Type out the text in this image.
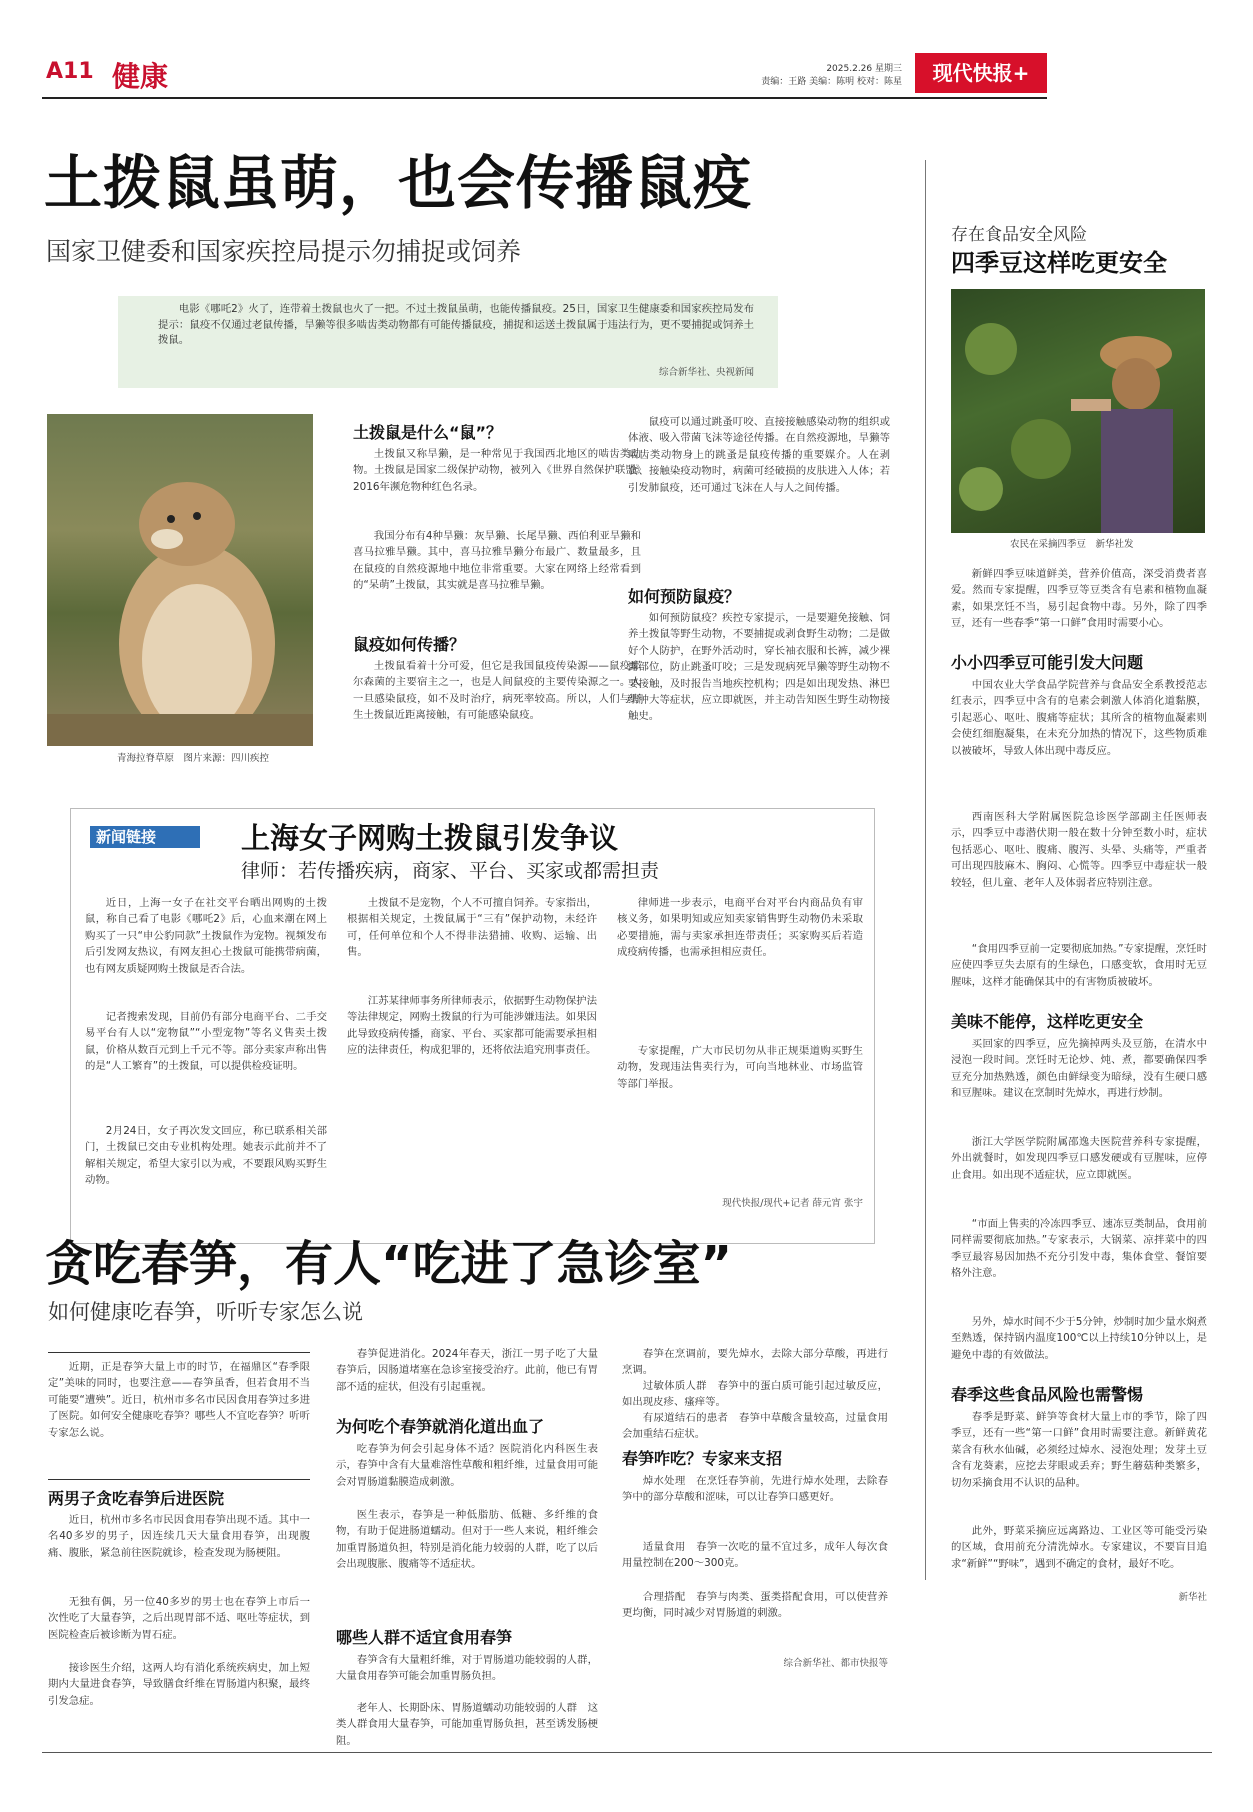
A11 健康	2025.2.26 星期三
责编：王路 美编：陈明 校对：陈星	现代快报+
土拨鼠虽萌，也会传播鼠疫
国家卫健委和国家疾控局提示勿捕捉或饲养

电影《哪吒2》火了，连带着土拨鼠也火了一把。不过土拨鼠虽萌，也能传播鼠疫。25日，国家卫生健康委和国家疾控局发布提示：鼠疫不仅通过老鼠传播，旱獭等很多啮齿类动物都有可能传播鼠疫，捕捉和运送土拨鼠属于违法行为，更不要捕捉或饲养土拨鼠。

综合新华社、央视新闻
青海拉脊草原　图片来源：四川疾控
土拨鼠是什么“鼠”？

土拨鼠又称旱獭，是一种常见于我国西北地区的啮齿类动物。土拨鼠是国家二级保护动物，被列入《世界自然保护联盟》2016年濒危物种红色名录。

我国分布有4种旱獭：灰旱獭、长尾旱獭、西伯利亚旱獭和喜马拉雅旱獭。其中，喜马拉雅旱獭分布最广、数量最多，且在鼠疫的自然疫源地中地位非常重要。大家在网络上经常看到的“呆萌”土拨鼠，其实就是喜马拉雅旱獭。

鼠疫如何传播？

土拨鼠看着十分可爱，但它是我国鼠疫传染源——鼠疫耶尔森菌的主要宿主之一，也是人间鼠疫的主要传染源之一。人一旦感染鼠疫，如不及时治疗，病死率较高。所以，人们与野生土拨鼠近距离接触，有可能感染鼠疫。

鼠疫可以通过跳蚤叮咬、直接接触感染动物的组织或体液、吸入带菌飞沫等途径传播。在自然疫源地，旱獭等啮齿类动物身上的跳蚤是鼠疫传播的重要媒介。人在剥食、接触染疫动物时，病菌可经破损的皮肤进入人体；若引发肺鼠疫，还可通过飞沫在人与人之间传播。

如何预防鼠疫？

如何预防鼠疫？疾控专家提示，一是要避免接触、饲养土拨鼠等野生动物，不要捕捉或剥食野生动物；二是做好个人防护，在野外活动时，穿长袖衣服和长裤，减少裸露部位，防止跳蚤叮咬；三是发现病死旱獭等野生动物不要接触，及时报告当地疾控机构；四是如出现发热、淋巴结肿大等症状，应立即就医，并主动告知医生野生动物接触史。

新闻链接	上海女子网购土拨鼠引发争议
律师：若传播疾病，商家、平台、买家或都需担责

近日，上海一女子在社交平台晒出网购的土拨鼠，称自己看了电影《哪吒2》后，心血来潮在网上购买了一只“申公豹同款”土拨鼠作为宠物。视频发布后引发网友热议，有网友担心土拨鼠可能携带病菌，也有网友质疑网购土拨鼠是否合法。

记者搜索发现，目前仍有部分电商平台、二手交易平台有人以“宠物鼠”“小型宠物”等名义售卖土拨鼠，价格从数百元到上千元不等。部分卖家声称出售的是“人工繁育”的土拨鼠，可以提供检疫证明。

2月24日，女子再次发文回应，称已联系相关部门，土拨鼠已交由专业机构处理。她表示此前并不了解相关规定，希望大家引以为戒，不要跟风购买野生动物。

土拨鼠不是宠物，个人不可擅自饲养。专家指出，根据相关规定，土拨鼠属于“三有”保护动物，未经许可，任何单位和个人不得非法猎捕、收购、运输、出售。

江苏某律师事务所律师表示，依据野生动物保护法等法律规定，网购土拨鼠的行为可能涉嫌违法。如果因此导致疫病传播，商家、平台、买家都可能需要承担相应的法律责任，构成犯罪的，还将依法追究刑事责任。

律师进一步表示，电商平台对平台内商品负有审核义务，如果明知或应知卖家销售野生动物仍未采取必要措施，需与卖家承担连带责任；买家购买后若造成疫病传播，也需承担相应责任。

专家提醒，广大市民切勿从非正规渠道购买野生动物，发现违法售卖行为，可向当地林业、市场监管等部门举报。

现代快报/现代+记者 薛元宵 张宇
贪吃春笋，有人“吃进了急诊室”
如何健康吃春笋，听听专家怎么说

近期，正是春笋大量上市的时节，在福鼎区“春季限定”美味的同时，也要注意——春笋虽香，但若食用不当可能要“遭殃”。近日，杭州市多名市民因食用春笋过多进了医院。如何安全健康吃春笋？哪些人不宜吃春笋？听听专家怎么说。

两男子贪吃春笋后进医院

近日，杭州市多名市民因食用春笋出现不适。其中一名40多岁的男子，因连续几天大量食用春笋，出现腹痛、腹胀，紧急前往医院就诊，检查发现为肠梗阻。

无独有偶，另一位40多岁的男士也在春笋上市后一次性吃了大量春笋，之后出现胃部不适、呕吐等症状，到医院检查后被诊断为胃石症。

接诊医生介绍，这两人均有消化系统疾病史，加上短期内大量进食春笋，导致膳食纤维在胃肠道内积聚，最终引发急症。

春笋促进消化。2024年春天，浙江一男子吃了大量春笋后，因肠道堵塞在急诊室接受治疗。此前，他已有胃部不适的症状，但没有引起重视。

为何吃个春笋就消化道出血了

吃春笋为何会引起身体不适？医院消化内科医生表示，春笋中含有大量难溶性草酸和粗纤维，过量食用可能会对胃肠道黏膜造成刺激。

医生表示，春笋是一种低脂肪、低糖、多纤维的食物，有助于促进肠道蠕动。但对于一些人来说，粗纤维会加重胃肠道负担，特别是消化能力较弱的人群，吃了以后会出现腹胀、腹痛等不适症状。

哪些人群不适宜食用春笋

春笋含有大量粗纤维，对于胃肠道功能较弱的人群，大量食用春笋可能会加重胃肠负担。

老年人、长期卧床、胃肠道蠕动功能较弱的人群　这类人群食用大量春笋，可能加重胃肠负担，甚至诱发肠梗阻。

春笋在烹调前，要先焯水，去除大部分草酸，再进行烹调。

过敏体质人群　春笋中的蛋白质可能引起过敏反应，如出现皮疹、瘙痒等。

有尿道结石的患者　春笋中草酸含量较高，过量食用会加重结石症状。

春笋咋吃？专家来支招

焯水处理　在烹饪春笋前，先进行焯水处理，去除春笋中的部分草酸和涩味，可以让春笋口感更好。

适量食用　春笋一次吃的量不宜过多，成年人每次食用量控制在200～300克。

合理搭配　春笋与肉类、蛋类搭配食用，可以使营养更均衡，同时减少对胃肠道的刺激。

综合新华社、都市快报等
存在食品安全风险
四季豆这样吃更安全
农民在采摘四季豆　新华社发

新鲜四季豆味道鲜美，营养价值高，深受消费者喜爱。然而专家提醒，四季豆等豆类含有皂素和植物血凝素，如果烹饪不当，易引起食物中毒。另外，除了四季豆，还有一些春季“第一口鲜”食用时需要小心。

小小四季豆可能引发大问题

中国农业大学食品学院营养与食品安全系教授范志红表示，四季豆中含有的皂素会刺激人体消化道黏膜，引起恶心、呕吐、腹痛等症状；其所含的植物血凝素则会使红细胞凝集，在未充分加热的情况下，这些物质难以被破坏，导致人体出现中毒反应。

西南医科大学附属医院急诊医学部副主任医师表示，四季豆中毒潜伏期一般在数十分钟至数小时，症状包括恶心、呕吐、腹痛、腹泻、头晕、头痛等，严重者可出现四肢麻木、胸闷、心慌等。四季豆中毒症状一般较轻，但儿童、老年人及体弱者应特别注意。

“食用四季豆前一定要彻底加热。”专家提醒，烹饪时应使四季豆失去原有的生绿色，口感变软，食用时无豆腥味，这样才能确保其中的有害物质被破坏。

美味不能停，这样吃更安全

买回家的四季豆，应先摘掉两头及豆筋，在清水中浸泡一段时间。烹饪时无论炒、炖、煮，都要确保四季豆充分加热熟透，颜色由鲜绿变为暗绿，没有生硬口感和豆腥味。建议在烹制时先焯水，再进行炒制。

浙江大学医学院附属邵逸夫医院营养科专家提醒，外出就餐时，如发现四季豆口感发硬或有豆腥味，应停止食用。如出现不适症状，应立即就医。

“市面上售卖的冷冻四季豆、速冻豆类制品，食用前同样需要彻底加热。”专家表示，大锅菜、凉拌菜中的四季豆最容易因加热不充分引发中毒，集体食堂、餐馆要格外注意。

另外，焯水时间不少于5分钟，炒制时加少量水焖煮至熟透，保持锅内温度100℃以上持续10分钟以上，是避免中毒的有效做法。

春季这些食品风险也需警惕

春季是野菜、鲜笋等食材大量上市的季节，除了四季豆，还有一些“第一口鲜”食用时需要注意。新鲜黄花菜含有秋水仙碱，必须经过焯水、浸泡处理；发芽土豆含有龙葵素，应挖去芽眼或丢弃；野生蘑菇种类繁多，切勿采摘食用不认识的品种。

此外，野菜采摘应远离路边、工业区等可能受污染的区域，食用前充分清洗焯水。专家建议，不要盲目追求“新鲜”“野味”，遇到不确定的食材，最好不吃。

新华社
